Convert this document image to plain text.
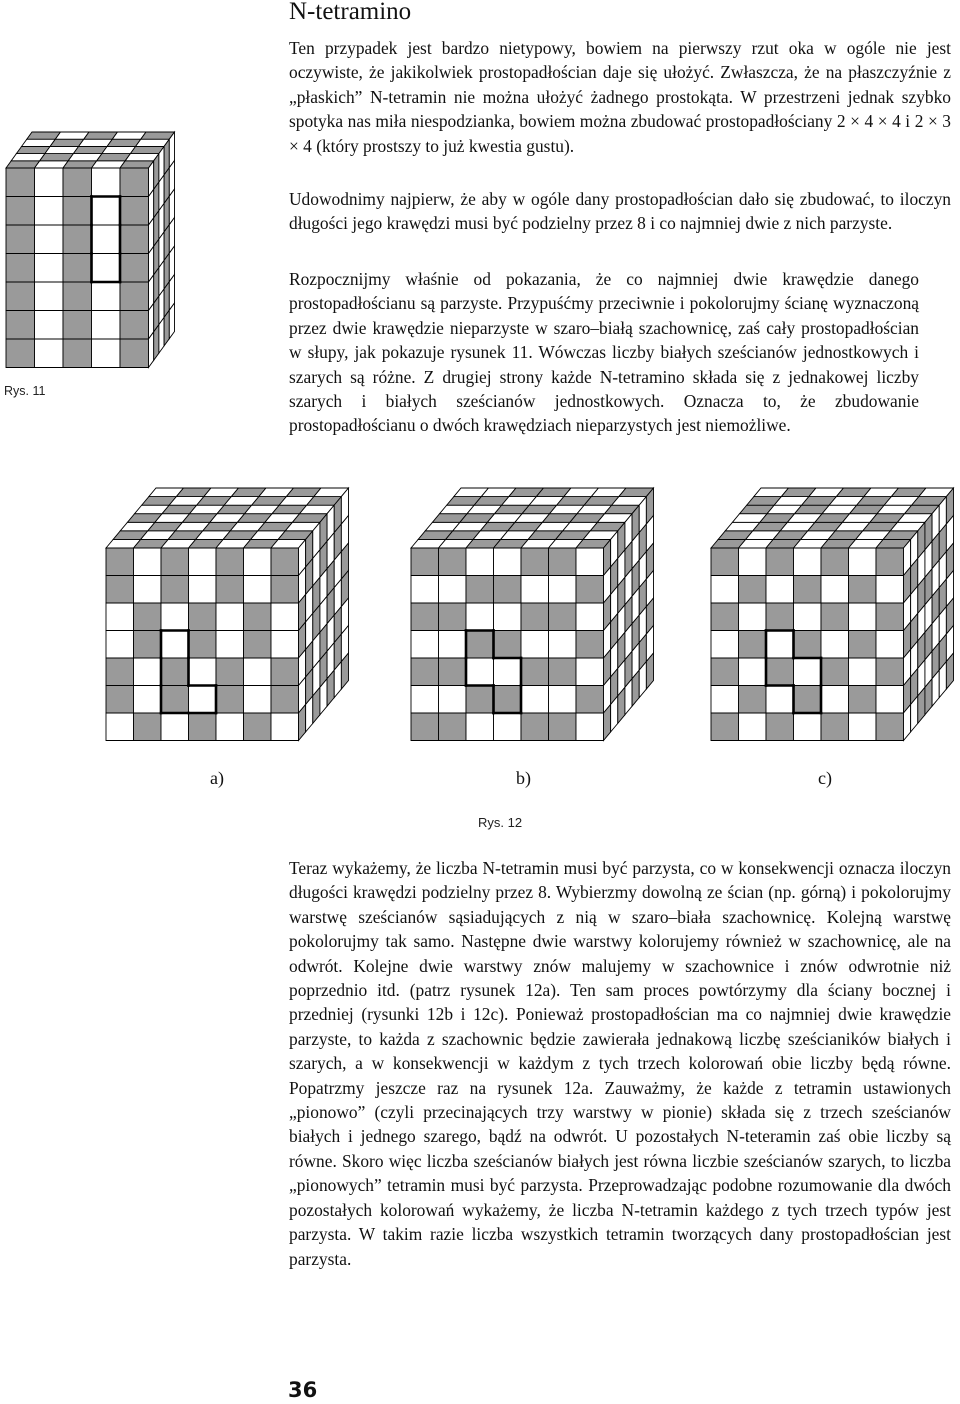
N-tetramino

Ten przypadek jest bardzo nietypowy, bowiem na pierwszy rzut oka w ogóle nie jest oczywiste, że jakikolwiek prostopadłościan daje się ułożyć. Zwłaszcza, że na płaszczyźnie z „płaskich” N-tetramin nie można ułożyć żadnego prostokąta. W przestrzeni jednak szybko spotyka nas miła niespodzianka, bowiem można zbudować prostopadłościany 2 × 4 × 4 i 2 × 3 × 4 (który prostszy to już kwestia gustu).

Udowodnimy najpierw, że aby w ogóle dany prostopadłościan dało się zbudować, to iloczyn długości jego krawędzi musi być podzielny przez 8 i co najmniej dwie z nich parzyste.

Rozpocznijmy właśnie od pokazania, że co najmniej dwie krawędzie danego prostopadłościanu są parzyste. Przypuśćmy przeciwnie i pokolorujmy ścianę wyznaczoną przez dwie krawędzie nieparzyste w szaro–białą szachownicę, zaś cały prostopadłościan w słupy, jak pokazuje rysunek 11. Wówczas liczby białych sześcianów jednostkowych i szarych są różne. Z drugiej strony każde N-tetramino składa się z jednakowej liczby szarych i białych sześcianów jednostkowych. Oznacza to, że zbudowanie prostopadłościanu o dwóch krawędziach nieparzystych jest niemożliwe.

Rys. 11
a)	b)	c)
Rys. 12

Teraz wykażemy, że liczba N-tetramin musi być parzysta, co w konsekwencji oznacza iloczyn długości krawędzi podzielny przez 8. Wybierzmy dowolną ze ścian (np. górną) i pokolorujmy warstwę sześcianów sąsiadujących z nią w szaro–biała szachownicę. Kolejną warstwę pokolorujmy tak samo. Następne dwie warstwy kolorujemy również w szachownicę, ale na odwrót. Kolejne dwie warstwy znów malujemy w szachownice i znów odwrotnie niż poprzednio itd. (patrz rysunek 12a). Ten sam proces powtórzymy dla ściany bocznej i przedniej (rysunki 12b i 12c). Ponieważ prostopadłościan ma co najmniej dwie krawędzie parzyste, to każda z szachownic będzie zawierała jednakową liczbę sześcianików białych i szarych, a w konsekwencji w każdym z tych trzech kolorowań obie liczby będą równe. Popatrzmy jeszcze raz na rysunek 12a. Zauważmy, że każde z tetramin ustawionych „pionowo” (czyli przecinających trzy warstwy w pionie) składa się z trzech sześcianów białych i jednego szarego, bądź na odwrót. U pozostałych N-teteramin zaś obie liczby są równe. Skoro więc liczba sześcianów białych jest równa liczbie sześcianów szarych, to liczba „pionowych” tetramin musi być parzysta. Przeprowadzając podobne rozumowanie dla dwóch pozostałych kolorowań wykażemy, że liczba N-tetramin każdego z tych trzech typów jest parzysta. W takim razie liczba wszystkich tetramin tworzących dany prostopadłościan jest parzysta.

36
